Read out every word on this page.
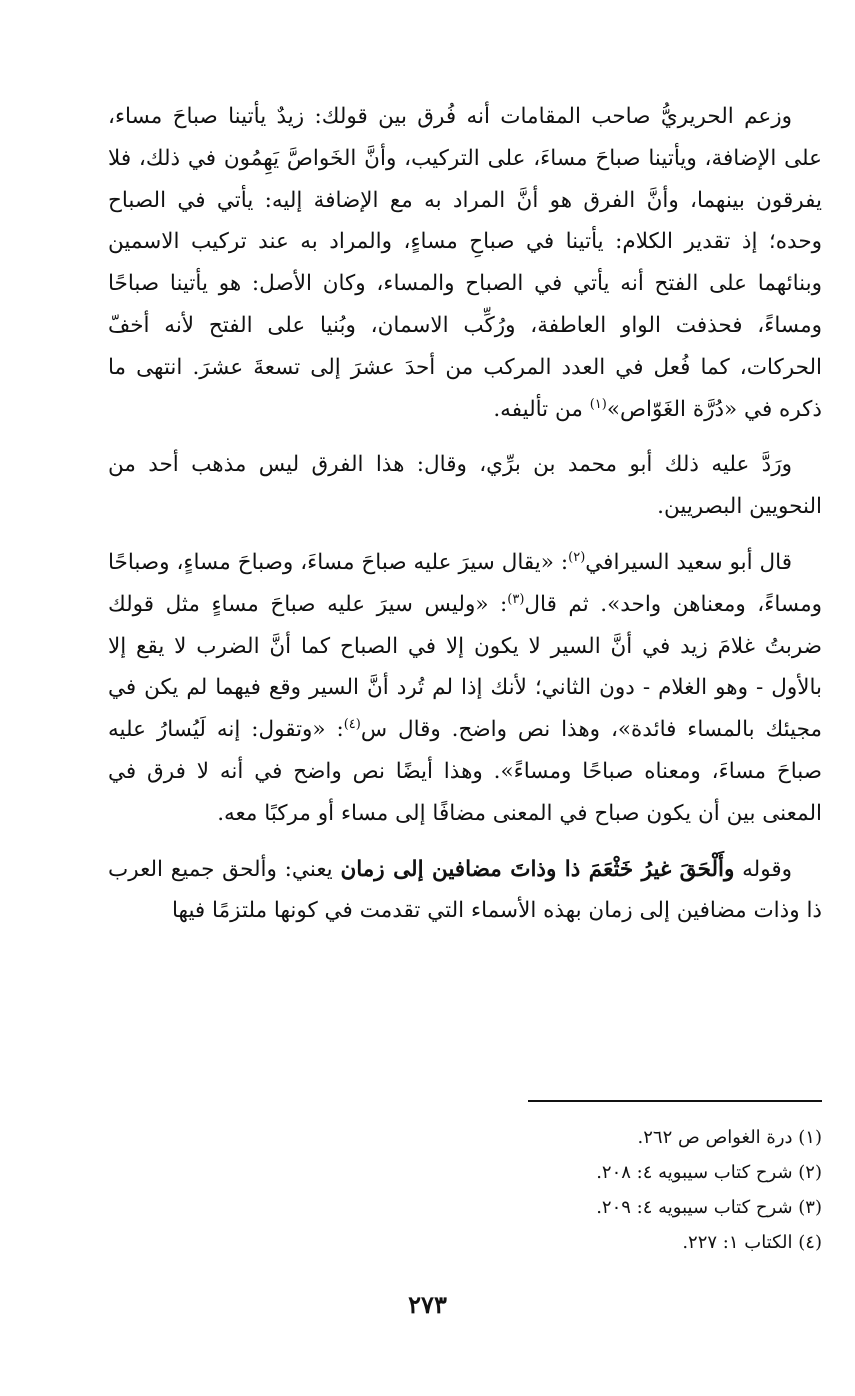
وزعم الحريريُّ صاحب المقامات أنه فُرق بين قولك: زيدٌ يأتينا صباحَ مساء، على الإضافة، ويأتينا صباحَ مساءَ، على التركيب، وأنَّ الخَواصَّ يَهِمُون في ذلك، فلا يفرقون بينهما، وأنَّ الفرق هو أنَّ المراد به مع الإضافة إليه: يأتي في الصباح وحده؛ إذ تقدير الكلام: يأتينا في صباحِ مساءٍ، والمراد به عند تركيب الاسمين وبنائهما على الفتح أنه يأتي في الصباح والمساء، وكان الأصل: هو يأتينا صباحًا ومساءً، فحذفت الواو العاطفة، ورُكِّب الاسمان، وبُنيا على الفتح لأنه أخفّ الحركات، كما فُعل في العدد المركب من أحدَ عشرَ إلى تسعةَ عشرَ. انتهى ما ذكره في «دُرَّة الغَوّاص»$^{(١)}$ من تأليفه.

ورَدَّ عليه ذلك أبو محمد بن برِّي، وقال: هذا الفرق ليس مذهب أحد من النحويين البصريين.

قال أبو سعيد السيرافي$^{(٢)}$: «يقال سيرَ عليه صباحَ مساءَ، وصباحَ مساءٍ، وصباحًا ومساءً، ومعناهن واحد». ثم قال$^{(٣)}$: «وليس سيرَ عليه صباحَ مساءٍ مثل قولك ضربتُ غلامَ زيد في أنَّ السير لا يكون إلا في الصباح كما أنَّ الضرب لا يقع إلا بالأول - وهو الغلام - دون الثاني؛ لأنك إذا لم تُرد أنَّ السير وقع فيهما لم يكن في مجيئك بالمساء فائدة»، وهذا نص واضح. وقال س$^{(٤)}$: «وتقول: إنه لَيُسارُ عليه صباحَ مساءَ، ومعناه صباحًا ومساءً». وهذا أيضًا نص واضح في أنه لا فرق في المعنى بين أن يكون صباح في المعنى مضافًا إلى مساء أو مركبًا معه.

وقوله وأَلْحَقَ غيرُ خَثْعَمَ ذا وذاتَ مضافين إلى زمان يعني: وألحق جميع العرب ذا وذات مضافين إلى زمان بهذه الأسماء التي تقدمت في كونها ملتزمًا فيها

(١) درة الغواص ص ٢٦٢.

(٢) شرح كتاب سيبويه ٤: ٢٠٨.

(٣) شرح كتاب سيبويه ٤: ٢٠٩.

(٤) الكتاب ١: ٢٢٧.

٢٧٣
